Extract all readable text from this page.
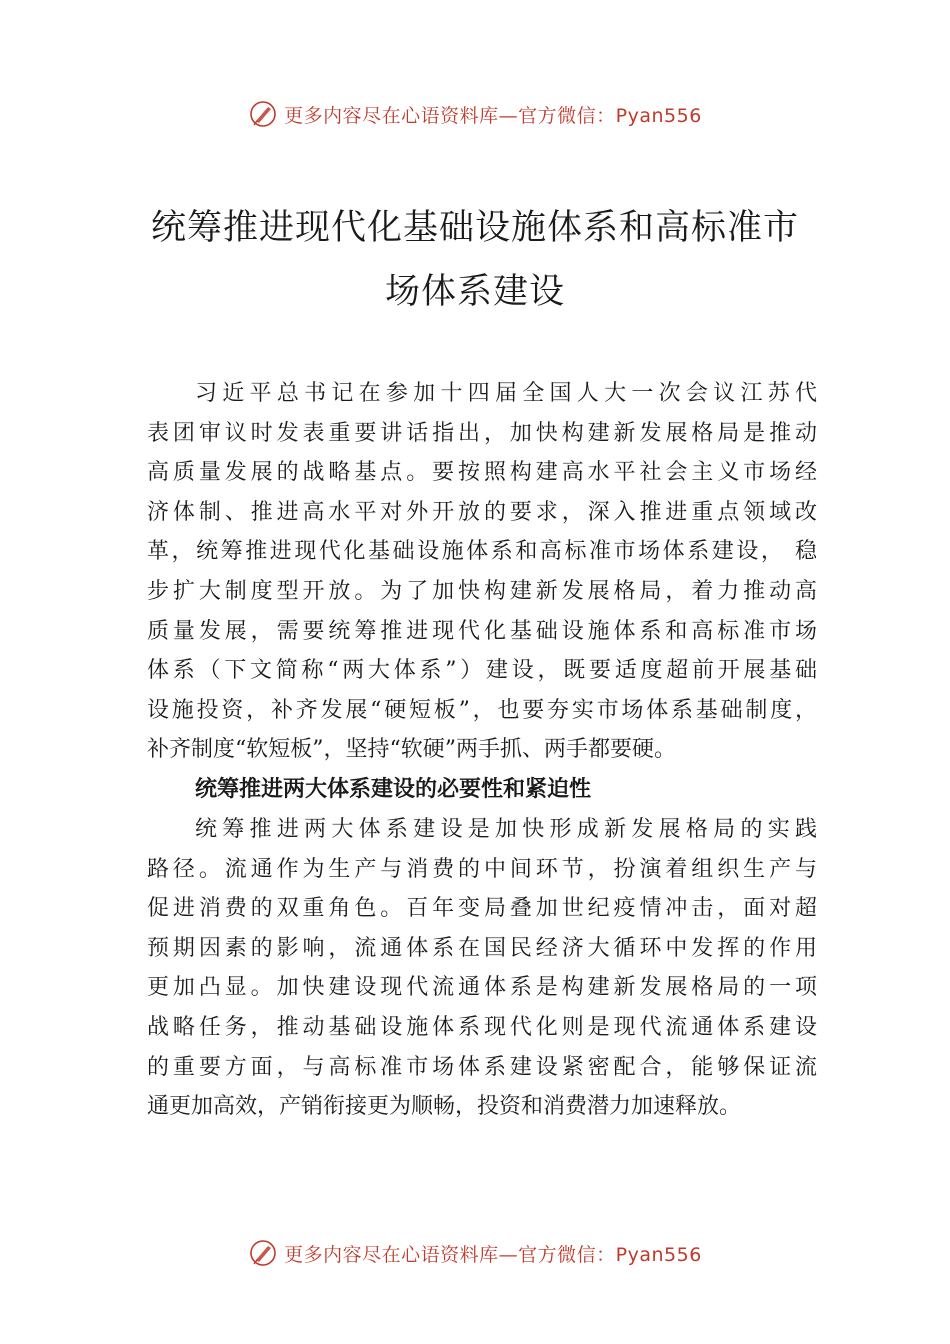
更多内容尽在心语资料库—官方微信：Pyan556
统筹推进现代化基础设施体系和高标准市
场体系建设
习近平总书记在参加十四届全国人大一次会议江苏代
表团审议时发表重要讲话指出，加快构建新发展格局是推动
高质量发展的战略基点。要按照构建高水平社会主义市场经
济体制、推进高水平对外开放的要求，深入推进重点领域改
革，统筹推进现代化基础设施体系和高标准市场体系建设， 稳
步扩大制度型开放。为了加快构建新发展格局，着力推动高
质量发展，需要统筹推进现代化基础设施体系和高标准市场
体系（下文简称“两大体系”）建设，既要适度超前开展基础
设施投资，补齐发展“硬短板”，也要夯实市场体系基础制度，
补齐制度“软短板”，坚持“软硬”两手抓、两手都要硬。
统筹推进两大体系建设的必要性和紧迫性
统筹推进两大体系建设是加快形成新发展格局的实践
路径。流通作为生产与消费的中间环节，扮演着组织生产与
促进消费的双重角色。百年变局叠加世纪疫情冲击，面对超
预期因素的影响，流通体系在国民经济大循环中发挥的作用
更加凸显。加快建设现代流通体系是构建新发展格局的一项
战略任务，推动基础设施体系现代化则是现代流通体系建设
的重要方面，与高标准市场体系建设紧密配合，能够保证流
通更加高效，产销衔接更为顺畅，投资和消费潜力加速释放。
更多内容尽在心语资料库—官方微信：Pyan556
